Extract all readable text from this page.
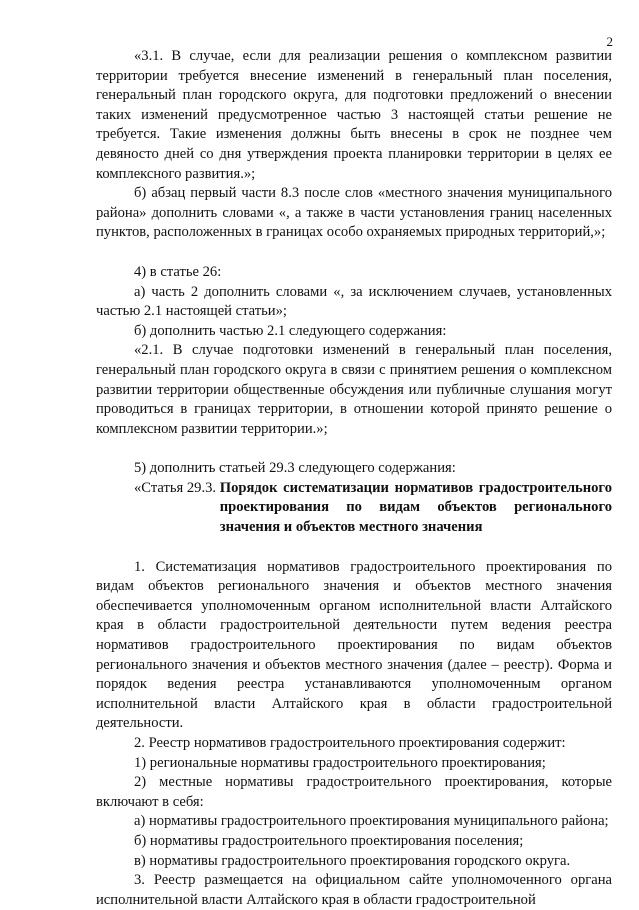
2

«3.1. В случае, если для реализации решения о комплексном развитии территории требуется внесение изменений в генеральный план поселения, генеральный план городского округа, для подготовки предложений о внесении таких изменений предусмотренное частью 3 настоящей статьи решение не требуется. Такие изменения должны быть внесены в срок не позднее чем девяносто дней со дня утверждения проекта планировки территории в целях ее комплексного развития.»;

б) абзац первый части 8.3 после слов «местного значения муниципального района» дополнить словами «, а также в части установления границ населенных пунктов, расположенных в границах особо охраняемых природных территорий,»;

4) в статье 26:

а) часть 2 дополнить словами «, за исключением случаев, установленных частью 2.1 настоящей статьи»;

б) дополнить частью 2.1 следующего содержания:

«2.1. В случае подготовки изменений в генеральный план поселения, генеральный план городского округа в связи с принятием решения о комплексном развитии территории общественные обсуждения или публичные слушания могут проводиться в границах территории, в отношении которой принято решение о комплексном развитии территории.»;

5) дополнить статьей 29.3 следующего содержания:

«Статья 29.3. Порядок систематизации нормативов градостроительного проектирования по видам объектов регионального значения и объектов местного значения

1. Систематизация нормативов градостроительного проектирования по видам объектов регионального значения и объектов местного значения обеспечивается уполномоченным органом исполнительной власти Алтайского края в области градостроительной деятельности путем ведения реестра нормативов градостроительного проектирования по видам объектов регионального значения и объектов местного значения (далее – реестр). Форма и порядок ведения реестра устанавливаются уполномоченным органом исполнительной власти Алтайского края в области градостроительной деятельности.

2. Реестр нормативов градостроительного проектирования содержит:

1) региональные нормативы градостроительного проектирования;

2) местные нормативы градостроительного проектирования, которые включают в себя:

а) нормативы градостроительного проектирования муниципального района;

б) нормативы градостроительного проектирования поселения;

в) нормативы градостроительного проектирования городского округа.

3. Реестр размещается на официальном сайте уполномоченного органа исполнительной власти Алтайского края в области градостроительной
